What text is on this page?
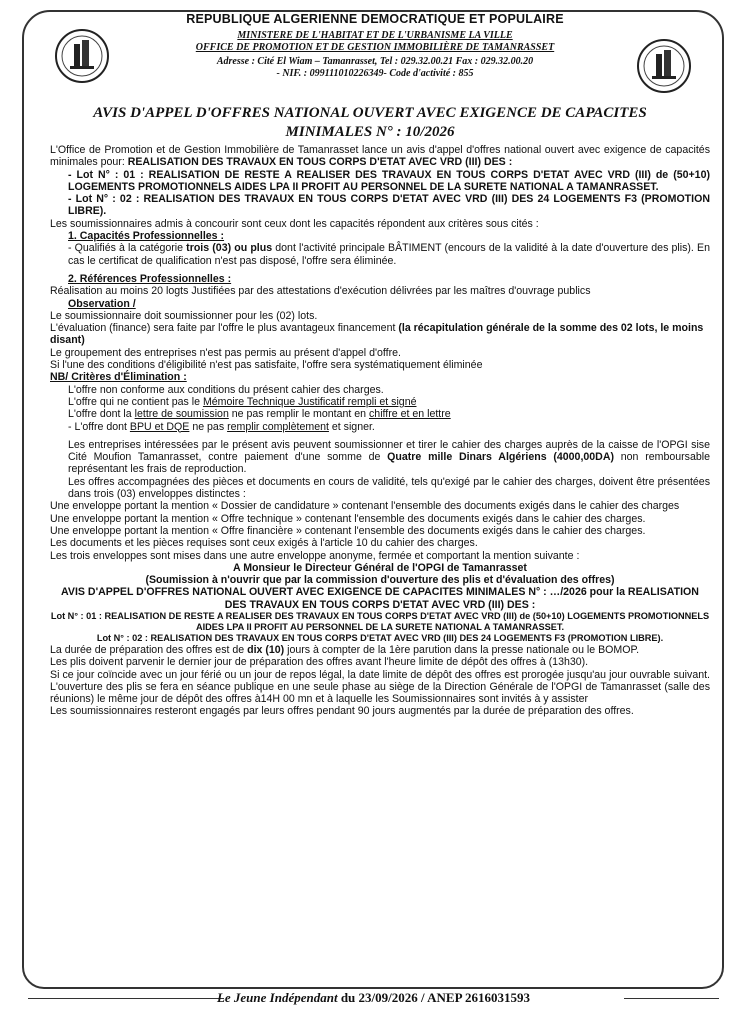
REPUBLIQUE ALGERIENNE DEMOCRATIQUE ET POPULAIRE
MINISTERE DE L'HABITAT ET DE L'URBANISME LA VILLE
OFFICE DE PROMOTION ET DE GESTION IMMOBILIÈRE DE TAMANRASSET
Adresse : Cité El Wiam – Tamanrasset, Tel : 029.32.00.21 Fax : 029.32.00.20
- NIF. : 099111010226349- Code d'activité : 855
AVIS D'APPEL D'OFFRES NATIONAL OUVERT AVEC EXIGENCE DE CAPACITES
MINIMALES N° : 10/2026

L'Office de Promotion et de Gestion Immobilière de Tamanrasset lance un avis d'appel d'offres national ouvert avec exigence de capacités minimales pour: REALISATION DES TRAVAUX EN TOUS CORPS D'ETAT AVEC VRD (III) DES :

- Lot N° : 01 : REALISATION DE RESTE A REALISER DES TRAVAUX EN TOUS CORPS D'ETAT AVEC VRD (III) de (50+10) LOGEMENTS PROMOTIONNELS AIDES LPA II PROFIT AU PERSONNEL DE LA SURETE NATIONAL A TAMANRASSET.

- Lot N° : 02 : REALISATION DES TRAVAUX EN TOUS CORPS D'ETAT AVEC VRD (III) DES 24 LOGEMENTS F3 (PROMOTION LIBRE).

Les soumissionnaires admis à concourir sont ceux dont les capacités répondent aux critères sous cités :

1. Capacités Professionnelles :

- Qualifiés à la catégorie trois (03) ou plus dont l'activité principale BÂTIMENT (encours de la validité à la date d'ouverture des plis). En cas le certificat de qualification n'est pas disposé, l'offre sera éliminée.

2. Références Professionnelles :

Réalisation au moins 20 logts Justifiées par des attestations d'exécution délivrées par les maîtres d'ouvrage publics

Observation /

Le soumissionnaire doit soumissionner pour les (02) lots.

L'évaluation (finance) sera faite par l'offre le plus avantageux financement (la récapitulation générale de la somme des 02 lots, le moins disant)

Le groupement des entreprises n'est pas permis au présent d'appel d'offre.

Si l'une des conditions d'éligibilité n'est pas satisfaite, l'offre sera systématiquement éliminée

NB/ Critères d'Élimination :

L'offre non conforme aux conditions du présent cahier des charges.

L'offre qui ne contient pas le Mémoire Technique Justificatif rempli et signé

L'offre dont la lettre de soumission ne pas remplir le montant en chiffre et en lettre

- L'offre dont BPU et DQE ne pas remplir complètement et signer.

Les entreprises intéressées par le présent avis peuvent soumissionner et tirer le cahier des charges auprès de la caisse de l'OPGI sise Cité Moufion Tamanrasset, contre paiement d'une somme de Quatre mille Dinars Algériens (4000,00DA) non remboursable représentant les frais de reproduction.

Les offres accompagnées des pièces et documents en cours de validité, tels qu'exigé par le cahier des charges, doivent être présentées dans trois (03) enveloppes distinctes :

Une enveloppe portant la mention « Dossier de candidature » contenant l'ensemble des documents exigés dans le cahier des charges

Une enveloppe portant la mention « Offre technique » contenant l'ensemble des documents exigés dans le cahier des charges.

Une enveloppe portant la mention « Offre financière » contenant l'ensemble des documents exigés dans le cahier des charges.

Les documents et les pièces requises sont ceux exigés à l'article 10 du cahier des charges.

Les trois enveloppes sont mises dans une autre enveloppe anonyme, fermée et comportant la mention suivante :

A Monsieur le Directeur Général de l'OPGI de Tamanrasset

(Soumission à n'ouvrir que par la commission d'ouverture des plis et d'évaluation des offres)

AVIS D'APPEL D'OFFRES NATIONAL OUVERT AVEC EXIGENCE DE CAPACITES MINIMALES N° : …/2026 pour la REALISATION DES TRAVAUX EN TOUS CORPS D'ETAT AVEC VRD (III) DES :

Lot N° : 01 : REALISATION DE RESTE A REALISER DES TRAVAUX EN TOUS CORPS D'ETAT AVEC VRD (III) de (50+10) LOGEMENTS PROMOTIONNELS AIDES LPA II PROFIT AU PERSONNEL DE LA SURETE NATIONAL A TAMANRASSET.

Lot N° : 02 : REALISATION DES TRAVAUX EN TOUS CORPS D'ETAT AVEC VRD (III) DES 24 LOGEMENTS F3 (PROMOTION LIBRE).

La durée de préparation des offres est de dix (10) jours à compter de la 1ère parution dans la presse nationale ou le BOMOP.

Les plis doivent parvenir le dernier jour de préparation des offres avant l'heure limite de dépôt des offres à (13h30).

Si ce jour coïncide avec un jour férié ou un jour de repos légal, la date limite de dépôt des offres est prorogée jusqu'au jour ouvrable suivant. L'ouverture des plis se fera en séance publique en une seule phase au siège de la Direction Générale de l'OPGI de Tamanrasset (salle des réunions) le même jour de dépôt des offres à14H 00 mn et à laquelle les Soumissionnaires sont invités à y assister

Les soumissionnaires resteront engagés par leurs offres pendant 90 jours augmentés par la durée de préparation des offres.

Le Jeune Indépendant du 23/09/2026 / ANEP 2616031593
